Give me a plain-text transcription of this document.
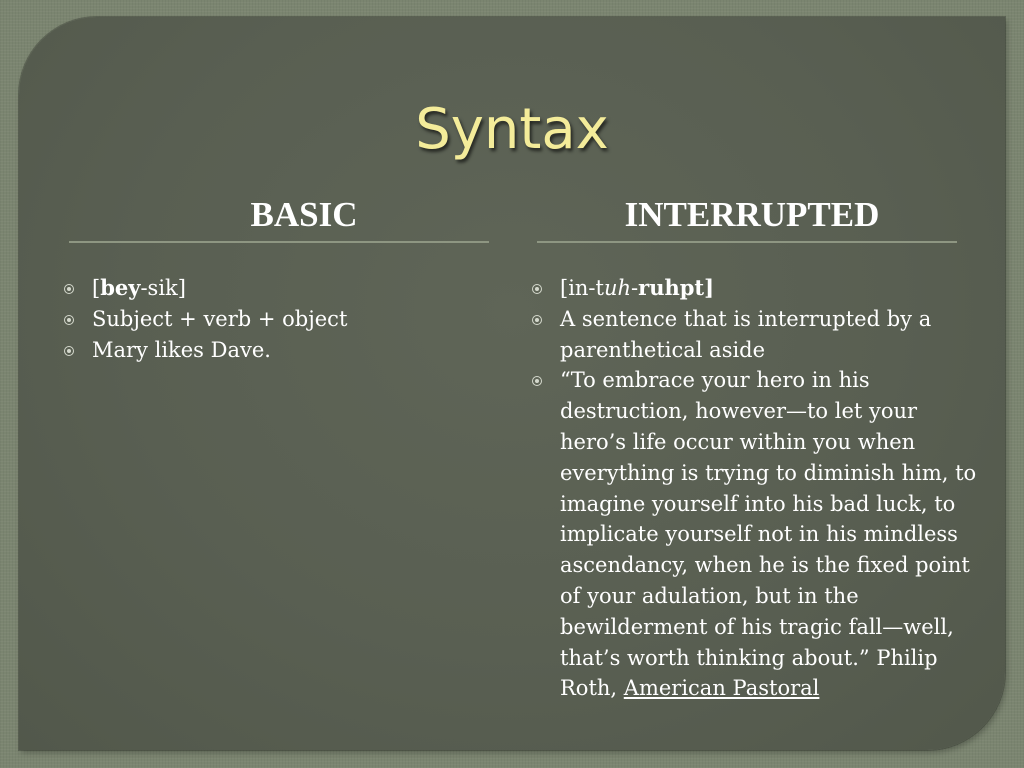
Syntax
BASIC
[bey-sik]
Subject + verb + object
Mary likes Dave.
INTERRUPTED
[in-tuh-ruhpt]
A sentence that is interrupted by a parenthetical aside
“To embrace your hero in his destruction, however—to let your hero’s life occur within you when everything is trying to diminish him, to imagine yourself into his bad luck, to implicate yourself not in his mindless ascendancy, when he is the fixed point of your adulation, but in the bewilderment of his tragic fall—well, that’s worth thinking about.” Philip Roth, American Pastoral
